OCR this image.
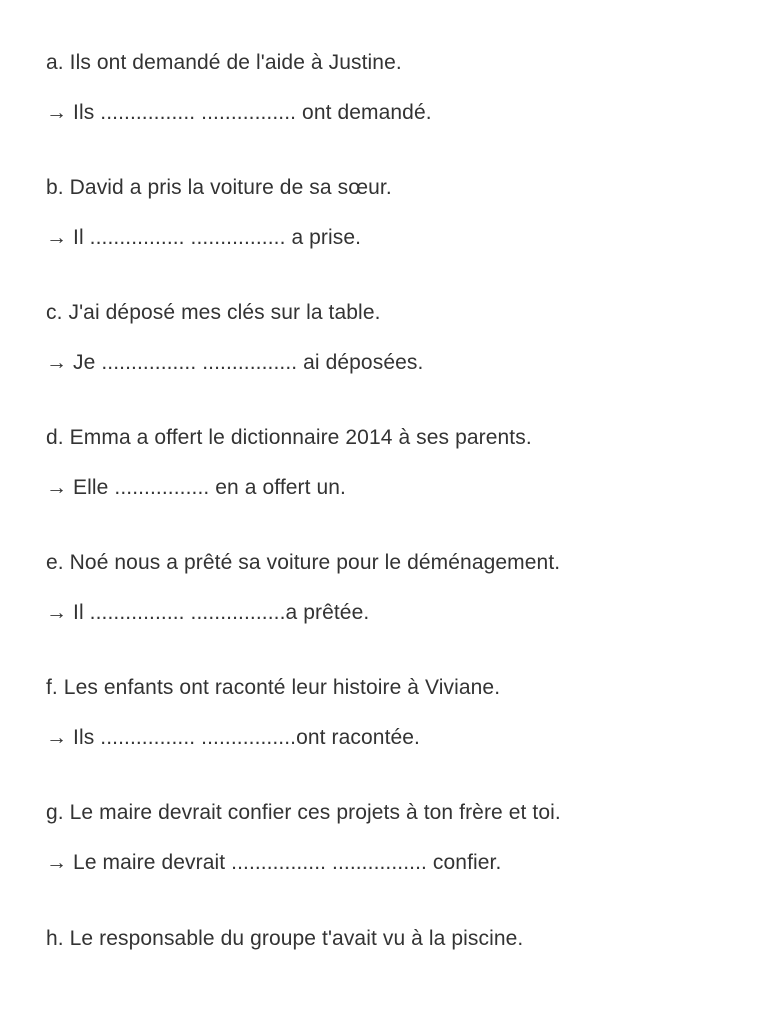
a. Ils ont demandé de l'aide à Justine.
→ Ils ................ ................ ont demandé.
b. David a pris la voiture de sa sœur.
→ Il ................ ................ a prise.
c. J'ai déposé mes clés sur la table.
→ Je ................ ................ ai déposées.
d. Emma a offert le dictionnaire 2014 à ses parents.
→ Elle ................ en a offert un.
e. Noé nous a prêté sa voiture pour le déménagement.
→ Il ................ ................a prêtée.
f. Les enfants ont raconté leur histoire à Viviane.
→ Ils ................ ................ont racontée.
g. Le maire devrait confier ces projets à ton frère et toi.
→ Le maire devrait ................ ................ confier.
h. Le responsable du groupe t'avait vu à la piscine.
